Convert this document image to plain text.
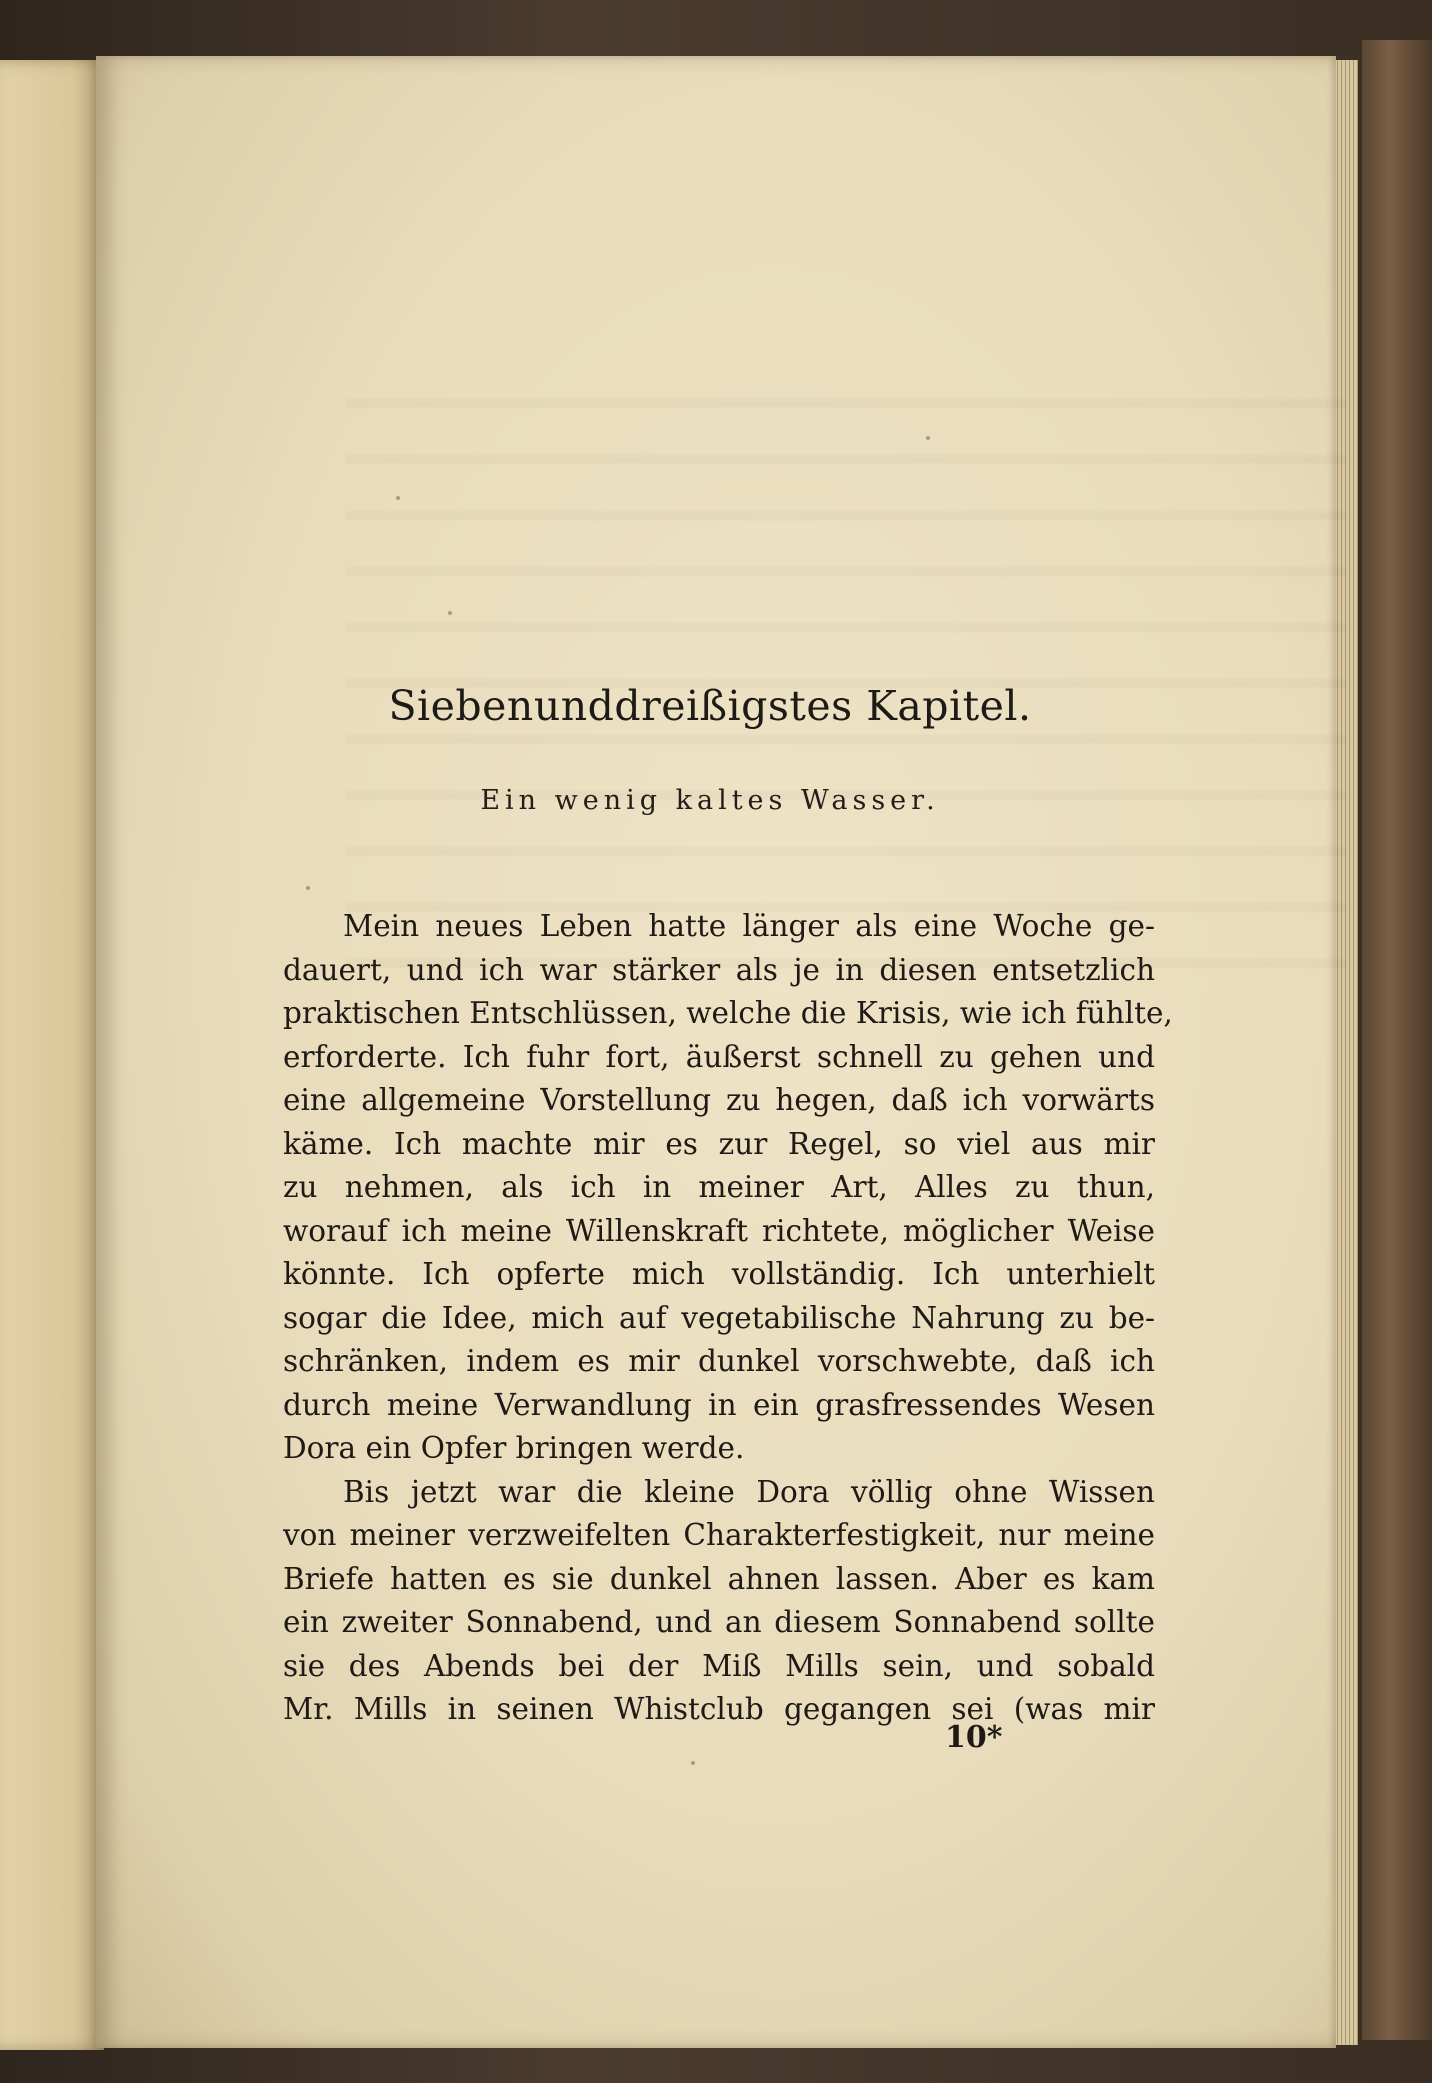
Siebenunddreißigstes Kapitel.
Ein wenig kaltes Wasser.

Mein neues Leben hatte länger als eine Woche ge-
dauert, und ich war stärker als je in diesen entsetzlich
praktischen Entschlüssen, welche die Krisis, wie ich fühlte,
erforderte. Ich fuhr fort, äußerst schnell zu gehen und
eine allgemeine Vorstellung zu hegen, daß ich vorwärts
käme. Ich machte mir es zur Regel, so viel aus mir
zu nehmen, als ich in meiner Art, Alles zu thun,
worauf ich meine Willenskraft richtete, möglicher Weise
könnte. Ich opferte mich vollständig. Ich unterhielt
sogar die Idee, mich auf vegetabilische Nahrung zu be-
schränken, indem es mir dunkel vorschwebte, daß ich
durch meine Verwandlung in ein grasfressendes Wesen
Dora ein Opfer bringen werde.

Bis jetzt war die kleine Dora völlig ohne Wissen
von meiner verzweifelten Charakterfestigkeit, nur meine
Briefe hatten es sie dunkel ahnen lassen. Aber es kam
ein zweiter Sonnabend, und an diesem Sonnabend sollte
sie des Abends bei der Miß Mills sein, und sobald
Mr. Mills in seinen Whistclub gegangen sei (was mir

10*
